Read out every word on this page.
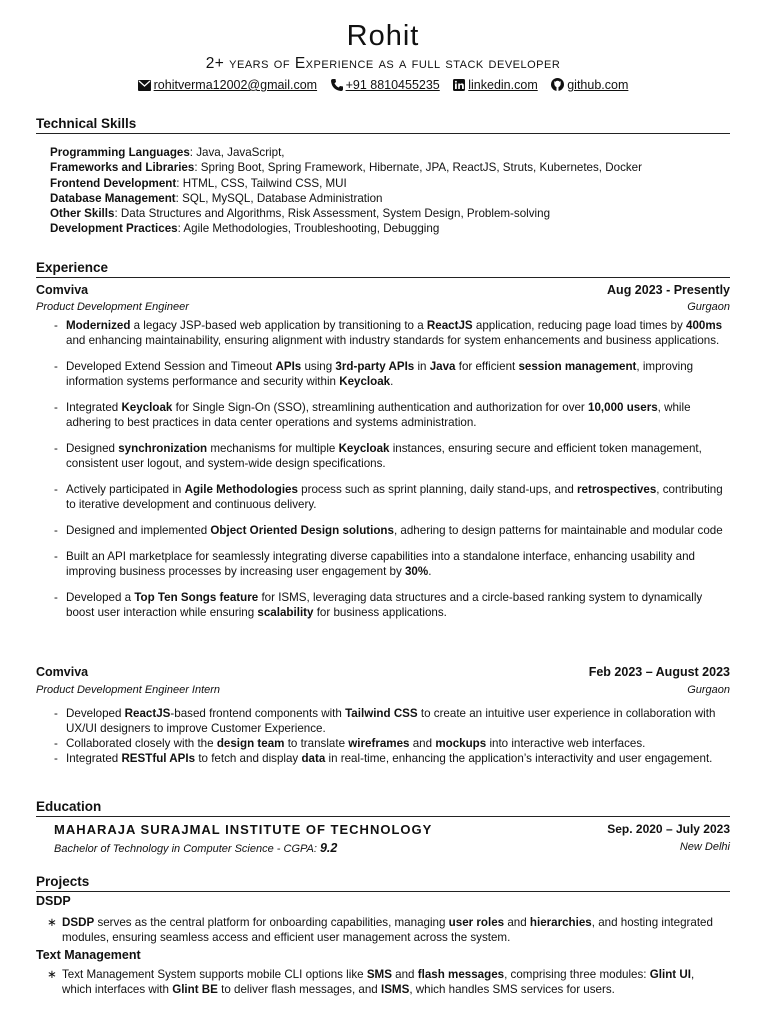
Rohit
2+ years of Experience as a full stack developer
rohitverma12002@gmail.com +91 8810455235 linkedin.com github.com
Technical Skills
Programming Languages: Java, JavaScript,
Frameworks and Libraries: Spring Boot, Spring Framework, Hibernate, JPA, ReactJS, Struts, Kubernetes, Docker
Frontend Development: HTML, CSS, Tailwind CSS, MUI
Database Management: SQL, MySQL, Database Administration
Other Skills: Data Structures and Algorithms, Risk Assessment, System Design, Problem-solving
Development Practices: Agile Methodologies, Troubleshooting, Debugging
Experience
Comviva	Aug 2023 - Presently
Product Development Engineer	Gurgaon
- Modernized a legacy JSP-based web application by transitioning to a ReactJS application, reducing page load times by 400ms and enhancing maintainability, ensuring alignment with industry standards for system enhancements and business applications.
- Developed Extend Session and Timeout APIs using 3rd-party APIs in Java for efficient session management, improving information systems performance and security within Keycloak.
- Integrated Keycloak for Single Sign-On (SSO), streamlining authentication and authorization for over 10,000 users, while adhering to best practices in data center operations and systems administration.
- Designed synchronization mechanisms for multiple Keycloak instances, ensuring secure and efficient token management, consistent user logout, and system-wide design specifications.
- Actively participated in Agile Methodologies process such as sprint planning, daily stand-ups, and retrospectives, contributing to iterative development and continuous delivery.
- Designed and implemented Object Oriented Design solutions, adhering to design patterns for maintainable and modular code
- Built an API marketplace for seamlessly integrating diverse capabilities into a standalone interface, enhancing usability and improving business processes by increasing user engagement by 30%.
- Developed a Top Ten Songs feature for ISMS, leveraging data structures and a circle-based ranking system to dynamically boost user interaction while ensuring scalability for business applications.
Comviva	Feb 2023 – August 2023
Product Development Engineer Intern	Gurgaon
- Developed ReactJS-based frontend components with Tailwind CSS to create an intuitive user experience in collaboration with UX/UI designers to improve Customer Experience.
- Collaborated closely with the design team to translate wireframes and mockups into interactive web interfaces.
- Integrated RESTful APIs to fetch and display data in real-time, enhancing the application’s interactivity and user engagement.
Education
MAHARAJA SURAJMAL INSTITUTE OF TECHNOLOGY	Sep. 2020 – July 2023
Bachelor of Technology in Computer Science - CGPA: 9.2	New Delhi
Projects
DSDP
∗ DSDP serves as the central platform for onboarding capabilities, managing user roles and hierarchies, and hosting integrated modules, ensuring seamless access and efficient user management across the system.
Text Management
∗ Text Management System supports mobile CLI options like SMS and flash messages, comprising three modules: Glint UI, which interfaces with Glint BE to deliver flash messages, and ISMS, which handles SMS services for users.
